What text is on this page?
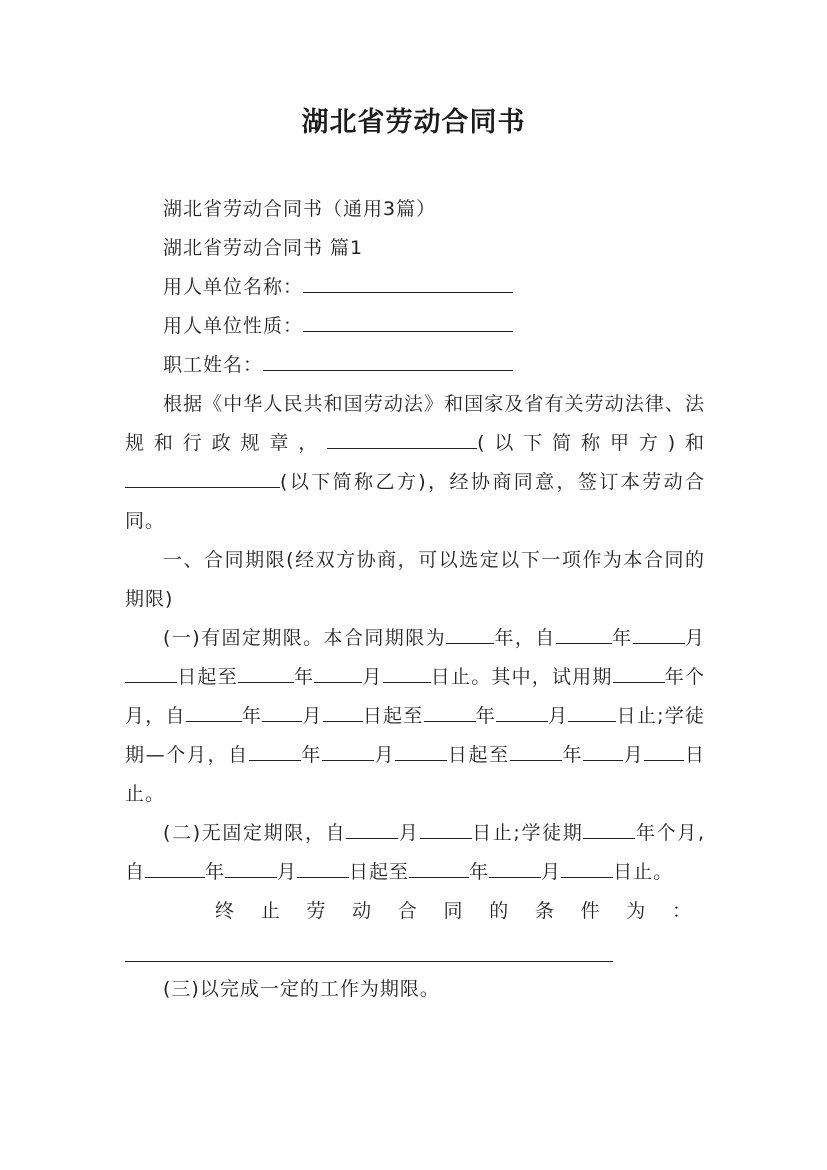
湖北省劳动合同书

湖北省劳动合同书（通用3篇）

湖北省劳动合同书 篇1

用人单位名称：

用人单位性质：

职工姓名：

根据《中华人民共和国劳动法》和国家及省有关劳动法律、法规和行政规章，	(以下简称甲方)和(以下简称乙方)，经协商同意，签订本劳动合同。

一、合同期限(经双方协商，可以选定以下一项作为本合同的期限)

(一)有固定期限。本合同期限为	年，自	年	月日起至	年	月	日止。其中，试用期	年个月，自	年 月 日起至	年	月	日止;学徒期—个月，自	年	月	日起至	年 月 日止。

(二)无固定期限，自	月	日止;学徒期	年个月,自	年	月	日起至	年	月	日止。

终止劳动合同的条件为：

(三)以完成一定的工作为期限。
